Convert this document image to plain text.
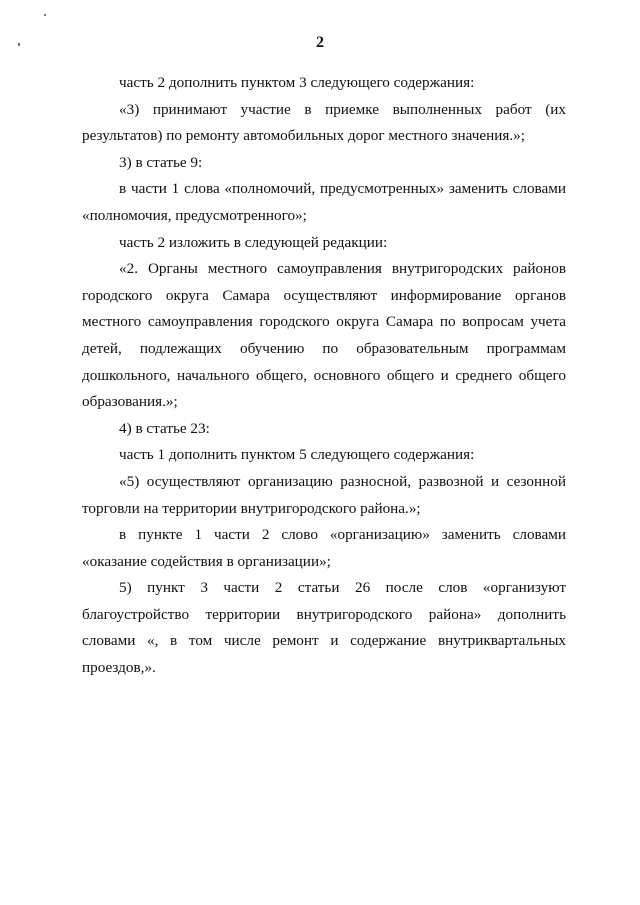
2

часть 2 дополнить пунктом 3 следующего содержания:

«3) принимают участие в приемке выполненных работ (их результатов) по ремонту автомобильных дорог местного значения.»;

3) в статье 9:

в части 1 слова «полномочий, предусмотренных» заменить словами «полномочия, предусмотренного»;

часть 2 изложить в следующей редакции:

«2. Органы местного самоуправления внутригородских районов городского округа Самара осуществляют информирование органов местного самоуправления городского округа Самара по вопросам учета детей, подлежащих обучению по образовательным программам дошкольного, начального общего, основного общего и среднего общего образования.»;

4) в статье 23:

часть 1 дополнить пунктом 5 следующего содержания:

«5) осуществляют организацию разносной, развозной и сезонной торговли на территории внутригородского района.»;

в пункте 1 части 2 слово «организацию» заменить словами «оказание содействия в организации»;

5) пункт 3 части 2 статьи 26 после слов «организуют благоустройство территории внутригородского района» дополнить словами «, в том числе ремонт и содержание внутриквартальных проездов,».
